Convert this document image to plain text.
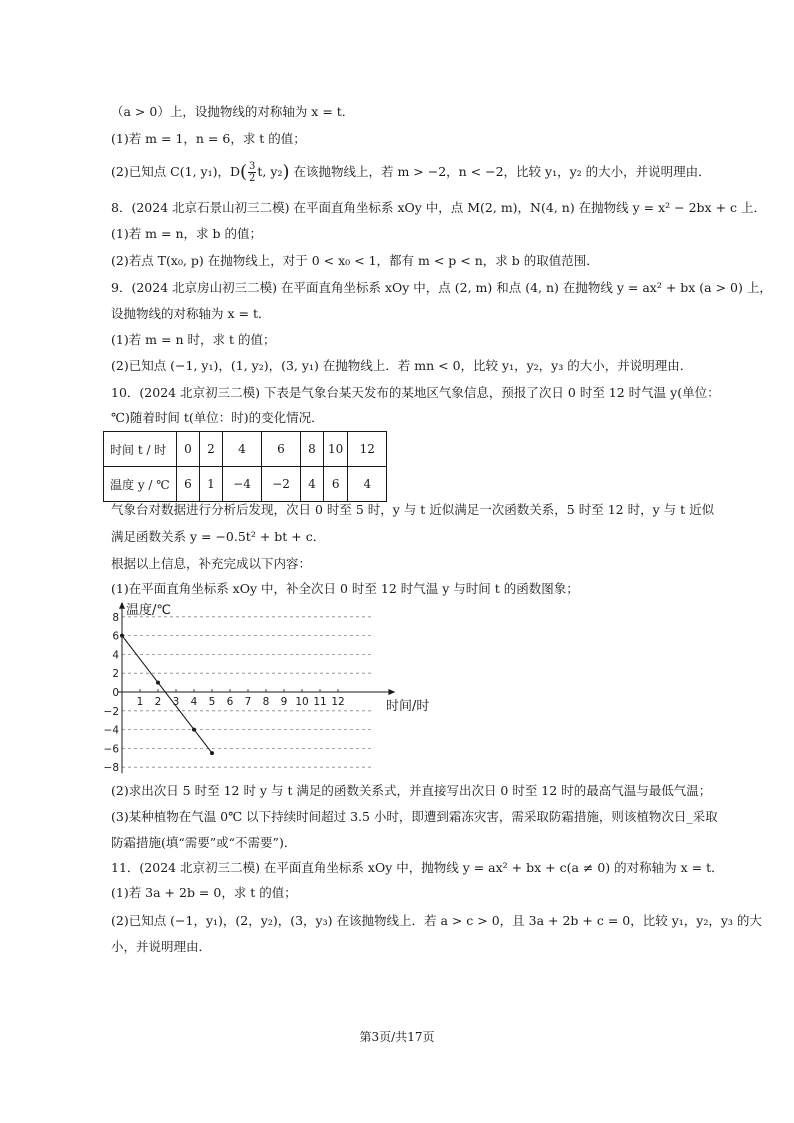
（a > 0）上，设抛物线的对称轴为 x = t．
(1)若 m = 1，n = 6，求 t 的值；
(2)已知点 C(1, y₁)，$D( \frac{3}{2} t$, y₂) 在该抛物线上，若 m > −2，n < −2，比较 y₁，y₂ 的大小，并说明理由．
8．(2024 北京石景山初三二模) 在平面直角坐标系 xOy 中，点 M(2, m)，N(4, n) 在抛物线 y = x² − 2bx + c 上．
(1)若 m = n，求 b 的值；
(2)若点 T(x₀, p) 在抛物线上，对于 0 < x₀ < 1，都有 m < p < n，求 b 的取值范围．
9．(2024 北京房山初三二模) 在平面直角坐标系 xOy 中，点 (2, m) 和点 (4, n) 在抛物线 y = ax² + bx (a > 0) 上，
设抛物线的对称轴为 x = t．
(1)若 m = n 时，求 t 的值；
(2)已知点 (−1, y₁)，(1, y₂)，(3, y₁) 在抛物线上．若 mn < 0，比较 y₁，y₂，y₃ 的大小，并说明理由．
10．(2024 北京初三二模) 下表是气象台某天发布的某地区气象信息，预报了次日 0 时至 12 时气温 y(单位：
℃)随着时间 t(单位：时)的变化情况．
时间 t / 时	0	2	4	6	8	10	12
温度 y / ℃	6	1	−4	−2	4	6	4
气象台对数据进行分析后发现，次日 0 时至 5 时，y 与 t 近似满足一次函数关系，5 时至 12 时，y 与 t 近似
满足函数关系 y = −0.5t² + bt + c．
根据以上信息，补充完成以下内容：
(1)在平面直角坐标系 xOy 中，补全次日 0 时至 12 时气温 y 与时间 t 的函数图象；
温度/℃
时间/时
1 2 3 4 5 6 7 8 9 10 11 12
8
6
4
2
0
−2
−4
−6
−8
(2)求出次日 5 时至 12 时 y 与 t 满足的函数关系式，并直接写出次日 0 时至 12 时的最高气温与最低气温；
(3)某种植物在气温 0℃ 以下持续时间超过 3.5 小时，即遭到霜冻灾害，需采取防霜措施，则该植物次日_采取
防霜措施(填“需要”或“不需要”)．
11．(2024 北京初三二模) 在平面直角坐标系 xOy 中，抛物线 y = ax² + bx + c(a ≠ 0) 的对称轴为 x = t．
(1)若 3a + 2b = 0，求 t 的值；
(2)已知点 (−1，y₁)，(2，y₂)，(3，y₃) 在该抛物线上．若 a > c > 0，且 3a + 2b + c = 0，比较 y₁，y₂，y₃ 的大
小，并说明理由．
第3页/共17页
